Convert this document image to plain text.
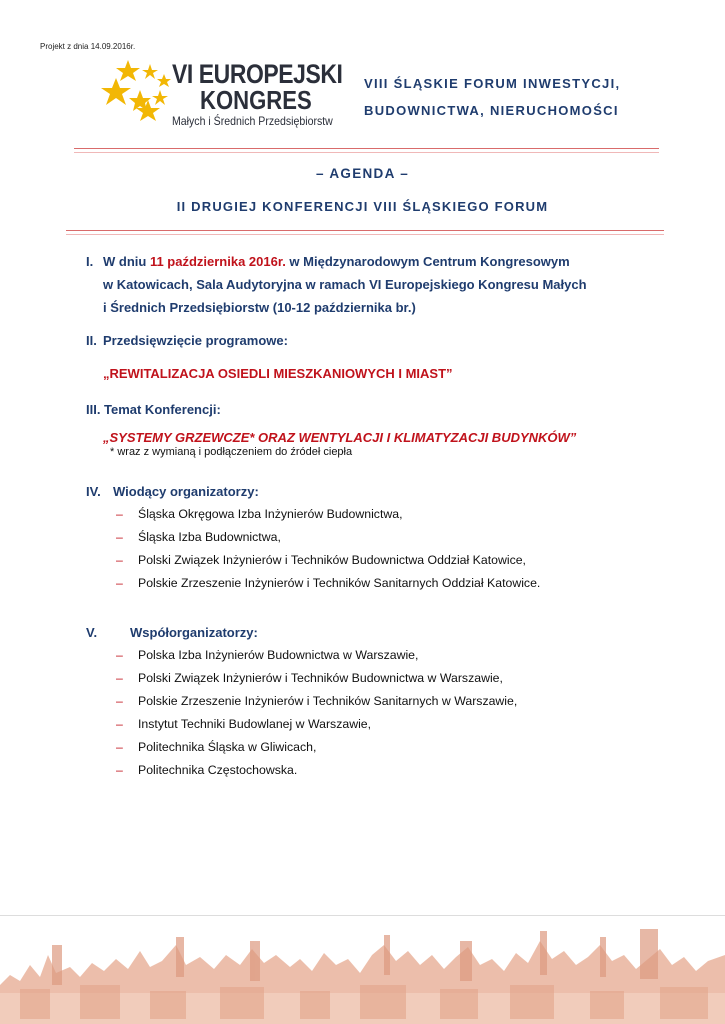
Projekt z dnia 14.09.2016r.
VI EUROPEJSKI
KONGRES
Małych i Średnich Przedsiębiorstw
VIII ŚLĄSKIE FORUM INWESTYCJI,
BUDOWNICTWA, NIERUCHOMOŚCI
– AGENDA –
II DRUGIEJ KONFERENCJI VIII ŚLĄSKIEGO FORUM
I. W dniu 11 października 2016r. w Międzynarodowym Centrum Kongresowym
w Katowicach, Sala Audytoryjna w ramach VI Europejskiego Kongresu Małych
i Średnich Przedsiębiorstw (10-12 października br.)
II. Przedsięwzięcie programowe:
„REWITALIZACJA OSIEDLI MIESZKANIOWYCH I MIAST”
III. Temat Konferencji:
„SYSTEMY GRZEWCZE* ORAZ WENTYLACJI I KLIMATYZACJI BUDYNKÓW”
* wraz z wymianą i podłączeniem do źródeł ciepła
IV. Wiodący organizatorzy:
– Śląska Okręgowa Izba Inżynierów Budownictwa,
– Śląska Izba Budownictwa,
– Polski Związek Inżynierów i Techników Budownictwa Oddział Katowice,
– Polskie Zrzeszenie Inżynierów i Techników Sanitarnych Oddział Katowice.
V.	Współorganizatorzy:
– Polska Izba Inżynierów Budownictwa w Warszawie,
– Polski Związek Inżynierów i Techników Budownictwa w Warszawie,
– Polskie Zrzeszenie Inżynierów i Techników Sanitarnych w Warszawie,
– Instytut Techniki Budowlanej w Warszawie,
– Politechnika Śląska w Gliwicach,
– Politechnika Częstochowska.
